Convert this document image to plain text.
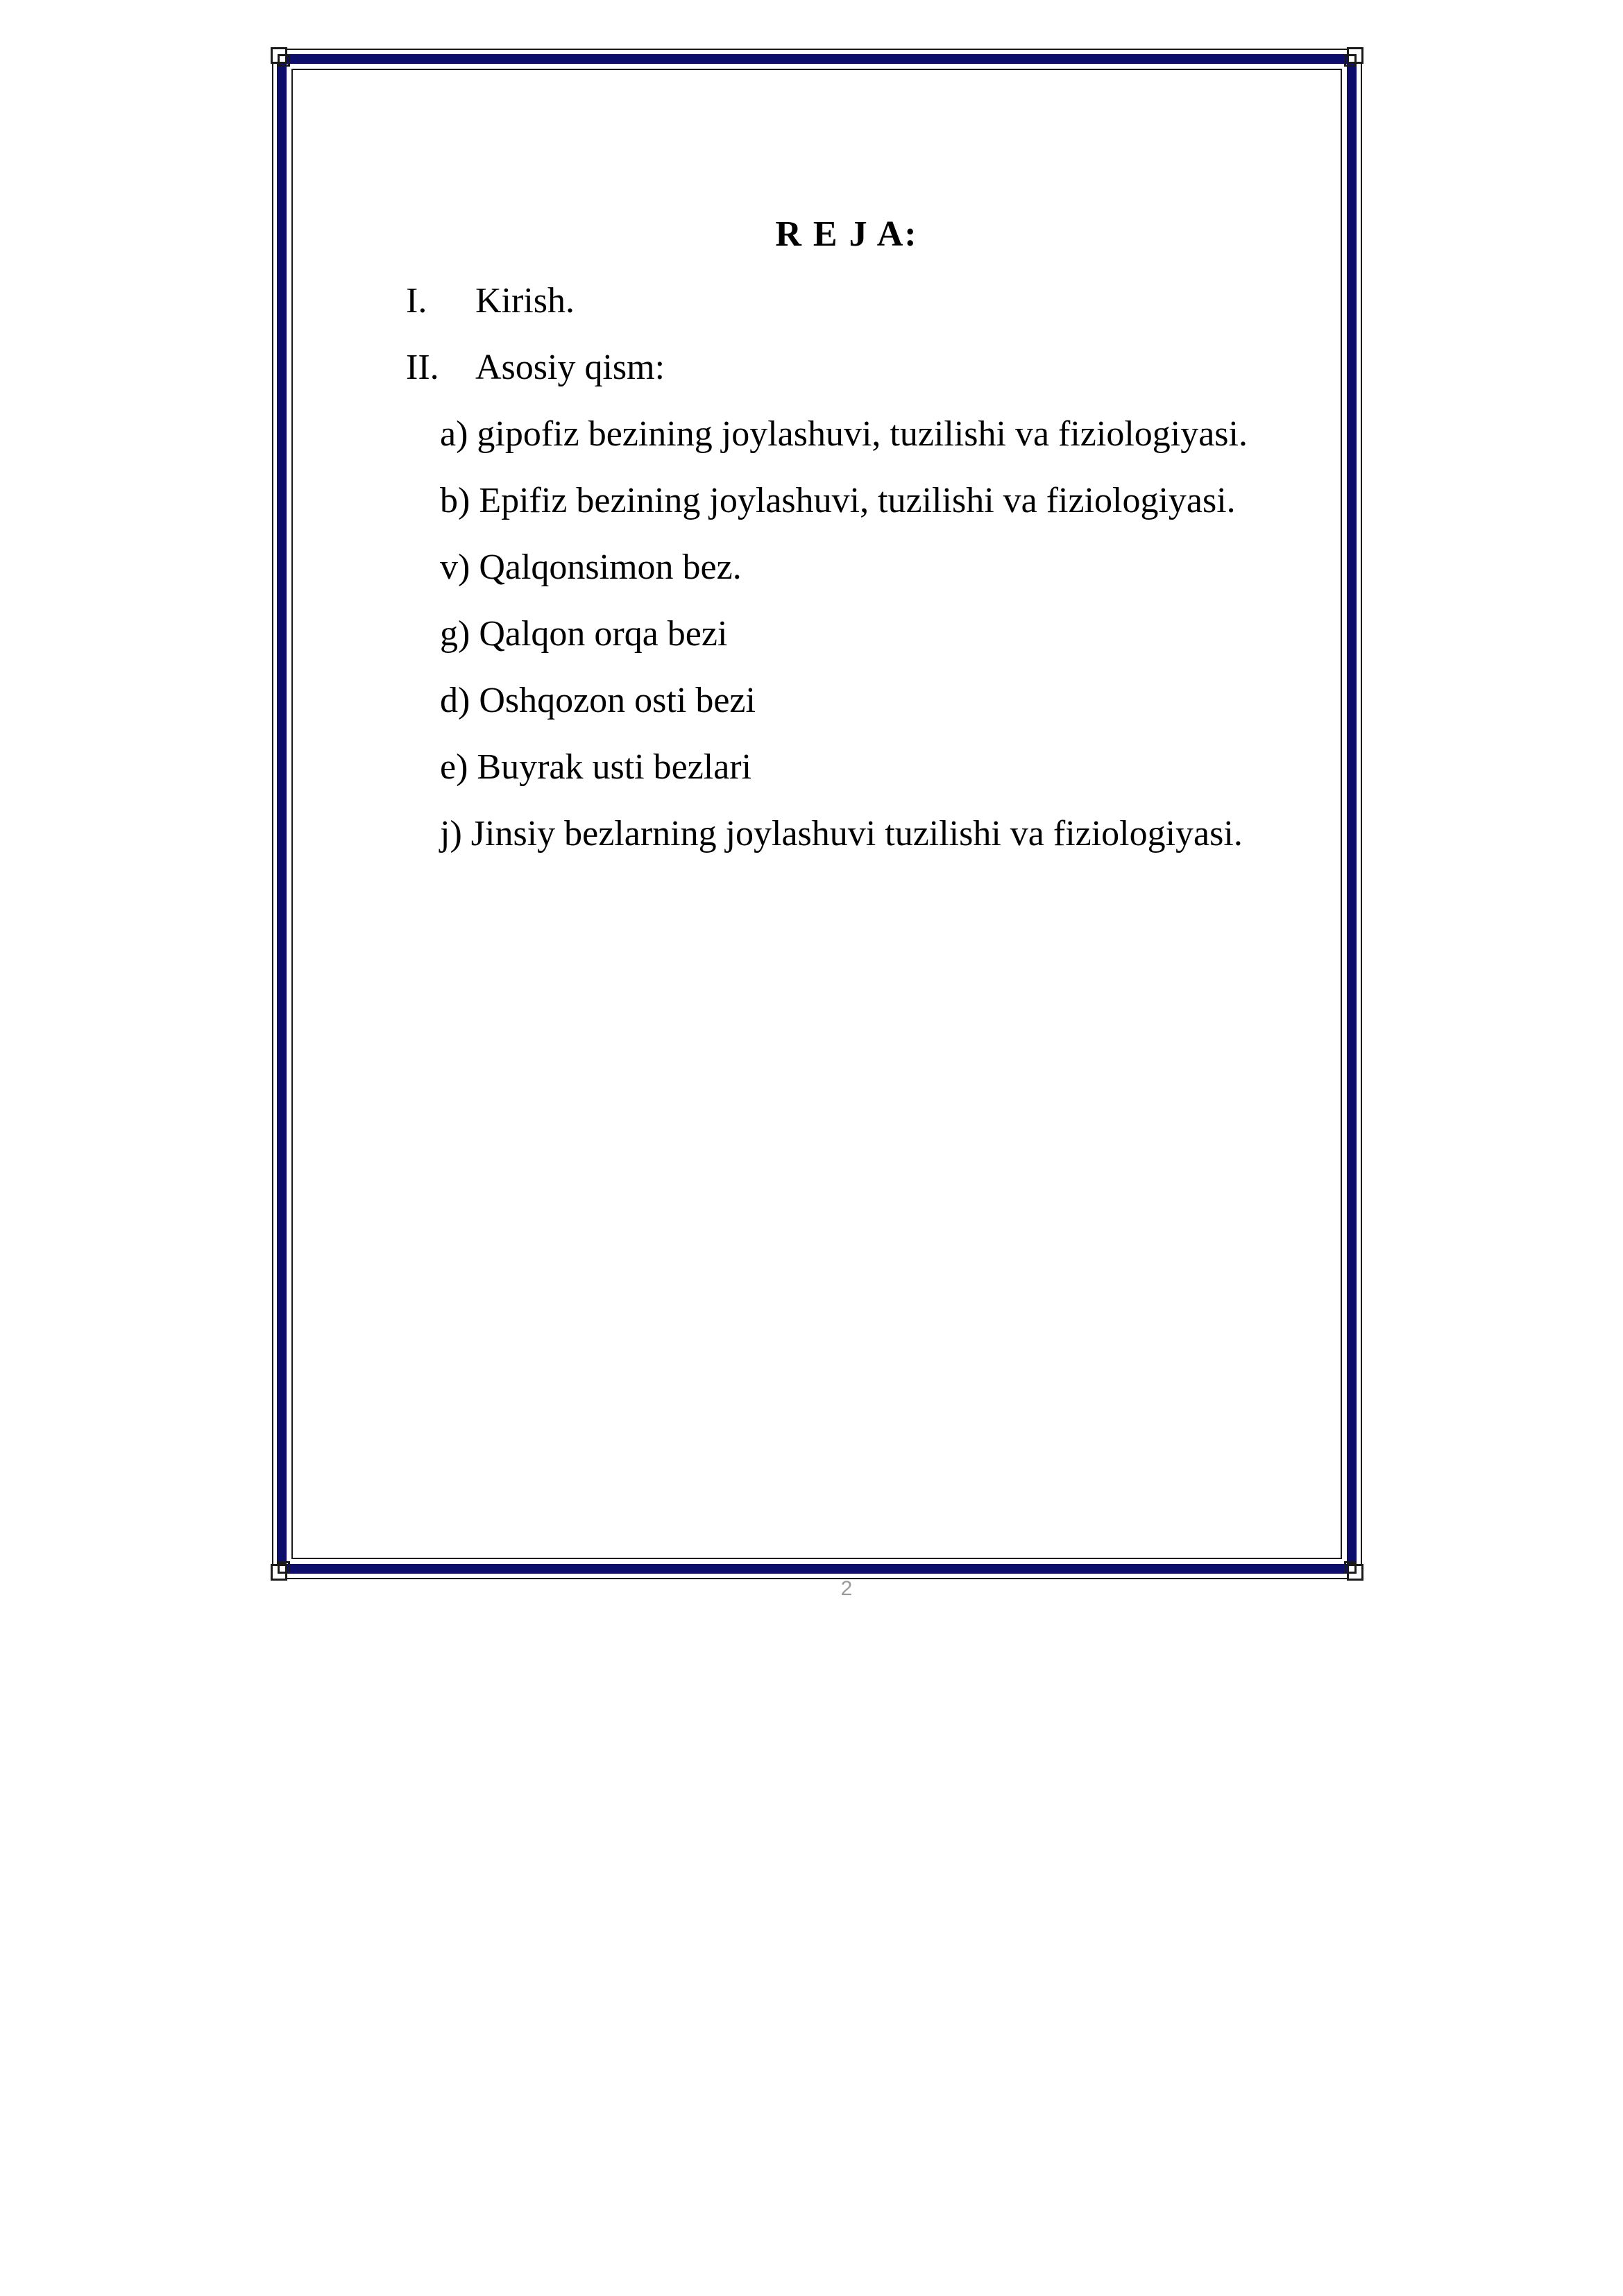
R E J A:
I. Kirish.
II. Asosiy qism:
a) gipofiz bezining joylashuvi, tuzilishi va fiziologiyasi.
b) Epifiz bezining joylashuvi, tuzilishi va fiziologiyasi.
v) Qalqonsimon bez.
g) Qalqon orqa bezi
d) Oshqozon osti bezi
e) Buyrak usti bezlari
j) Jinsiy bezlarning joylashuvi tuzilishi va fiziologiyasi.
2
